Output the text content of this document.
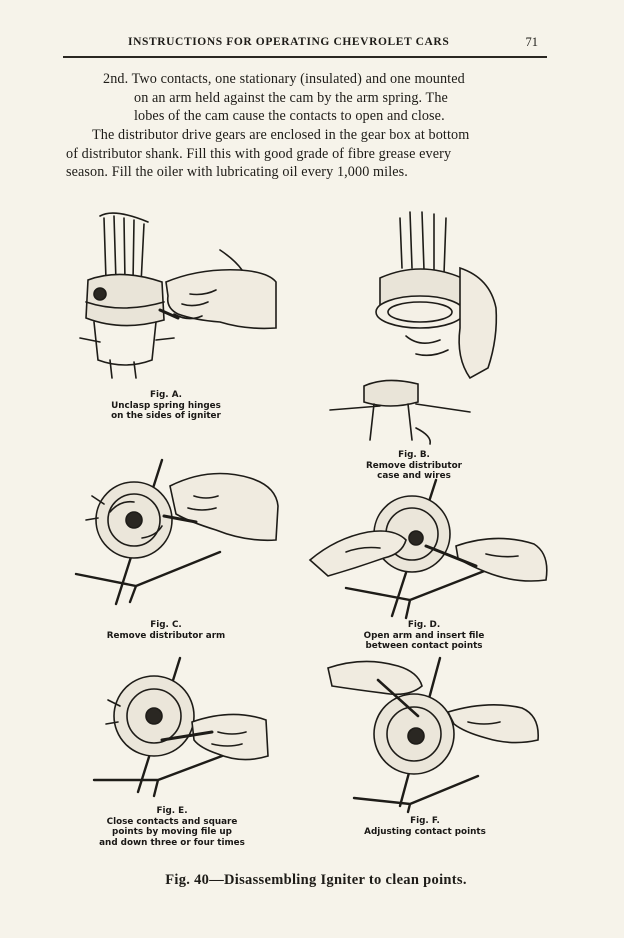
INSTRUCTIONS FOR OPERATING CHEVROLET CARS	71
2nd. Two contacts, one stationary (insulated) and one mounted
on an arm held against the cam by the arm spring. The
lobes of the cam cause the contacts to open and close.
The distributor drive gears are enclosed in the gear box at bottom
of distributor shank. Fill this with good grade of fibre grease every
season. Fill the oiler with lubricating oil every 1,000 miles.
Fig. A.
Unclasp spring hinges
on the sides of igniter
Fig. B.
Remove distributor
case and wires
Fig. C.
Remove distributor arm
Fig. D.
Open arm and insert file
between contact points
Fig. E.
Close contacts and square
points by moving file up
and down three or four times
Fig. F.
Adjusting contact points
Fig. 40—Disassembling Igniter to clean points.
